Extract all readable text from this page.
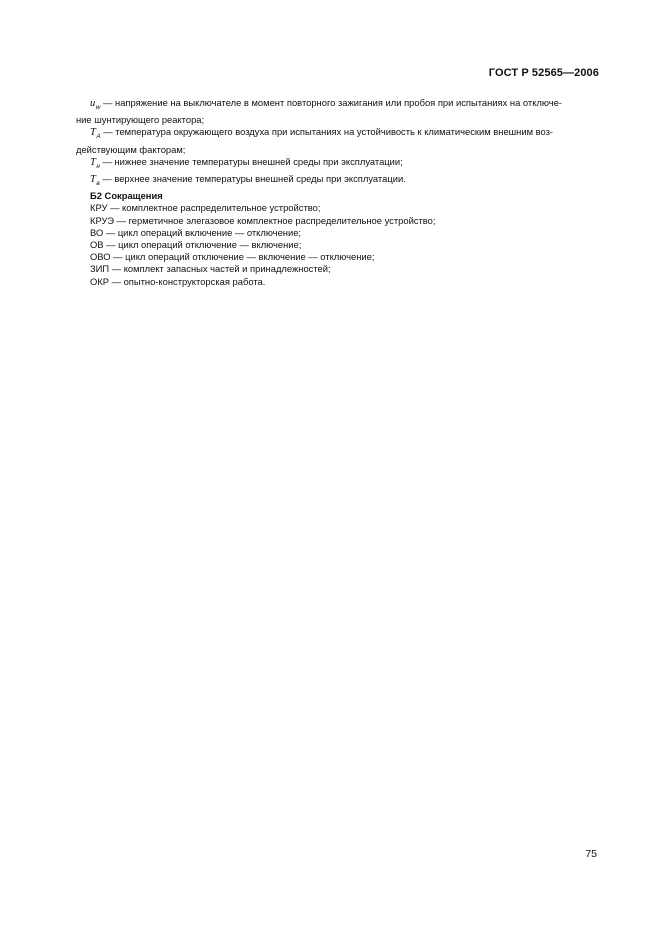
ГОСТ Р 52565—2006
$u_w$ — напряжение на выключателе в момент повторного зажигания или пробоя при испытаниях на отключе-
ние шунтирующего реактора;
$T_A$ — температура окружающего воздуха при испытаниях на устойчивость к климатическим внешним воз-
действующим факторам;
$T_н$ — нижнее значение температуры внешней среды при эксплуатации;
$T_в$ — верхнее значение температуры внешней среды при эксплуатации.
Б2 Сокращения
КРУ — комплектное распределительное устройство;
КРУЭ — герметичное элегазовое комплектное распределительное устройство;
ВО — цикл операций включение — отключение;
ОВ — цикл операций отключение — включение;
ОВО — цикл операций отключение — включение — отключение;
ЗИП — комплект запасных частей и принадлежностей;
ОКР — опытно-конструкторская работа.
75
